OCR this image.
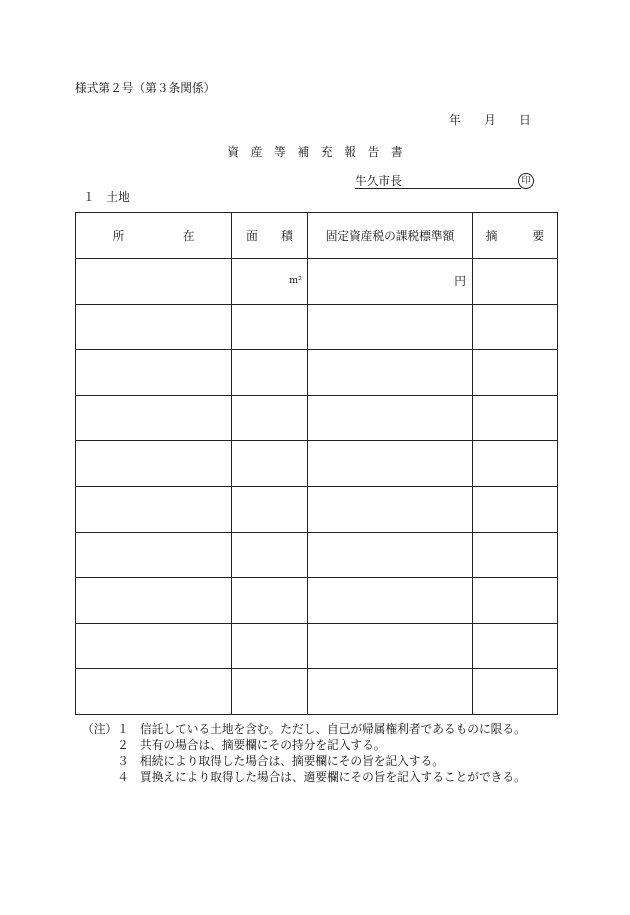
様式第２号（第３条関係）
年　　月　　日
資　産　等　補　充　報　告　書
牛久市長	印
１　土地
所　　　　　在	面　　積	固定資産税の課税標準額	摘　　　要
	m²	円	

（注） １ 信託している土地を含む。ただし、自己が帰属権利者であるものに限る。
２ 共有の場合は、摘要欄にその持分を記入する。
３ 相続により取得した場合は、摘要欄にその旨を記入する。
４ 買換えにより取得した場合は、適要欄にその旨を記入することができる。
